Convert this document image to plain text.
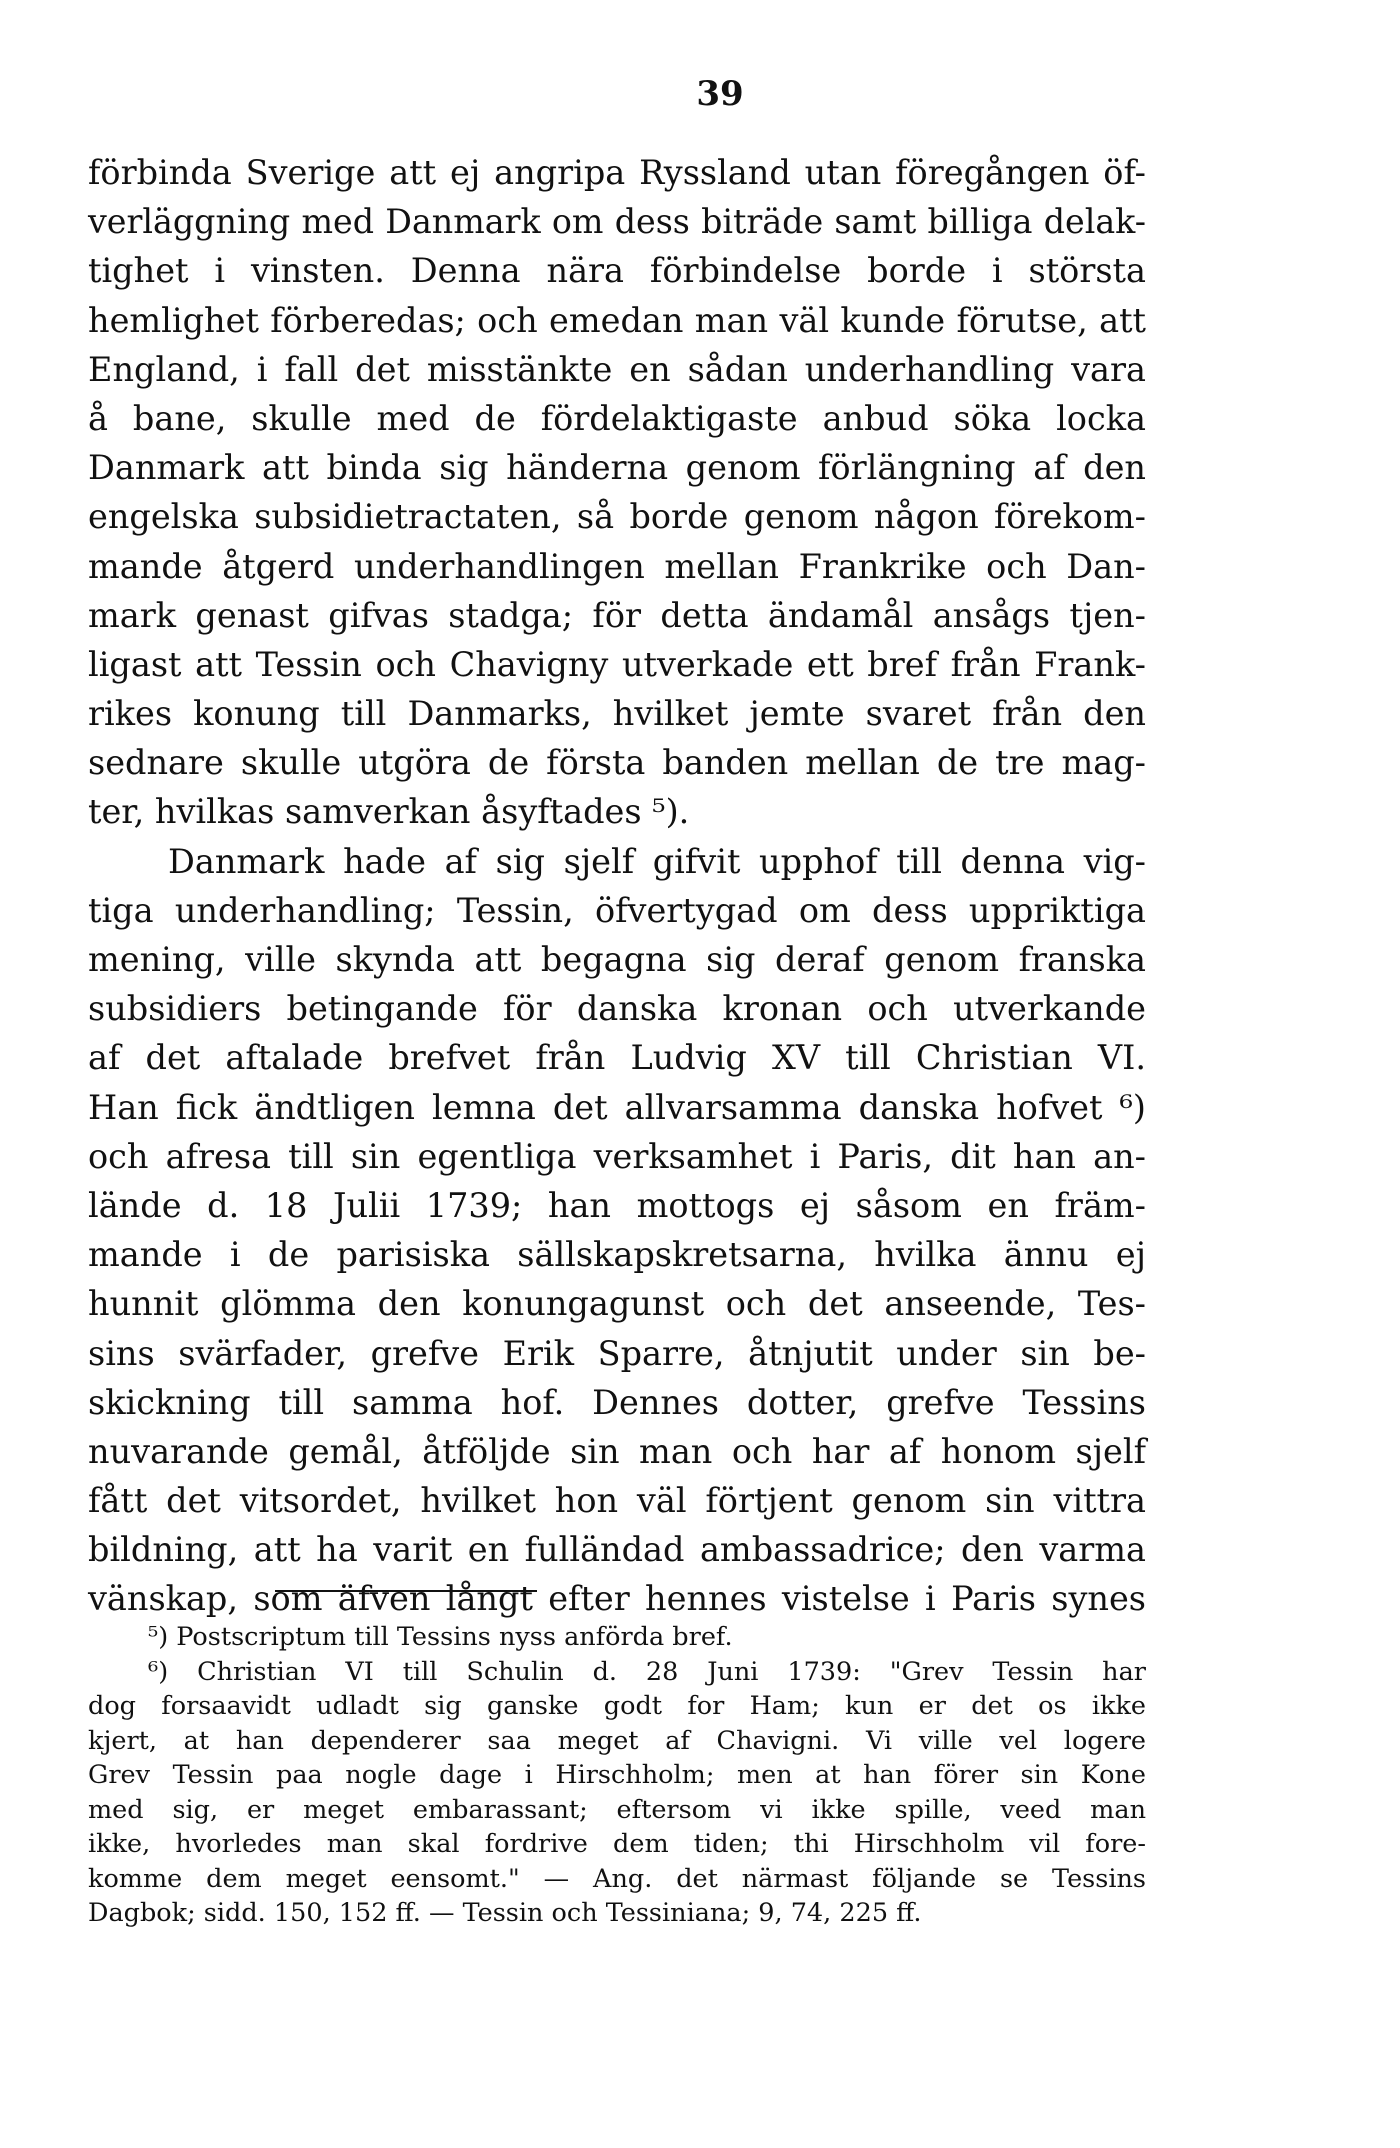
39
förbinda Sverige att ej angripa Ryssland utan föregången öf-
verläggning med Danmark om dess biträde samt billiga delak-
tighet i vinsten. Denna nära förbindelse borde i största
hemlighet förberedas; och emedan man väl kunde förutse, att
England, i fall det misstänkte en sådan underhandling vara
å bane, skulle med de fördelaktigaste anbud söka locka
Danmark att binda sig händerna genom förlängning af den
engelska subsidietractaten, så borde genom någon förekom-
mande åtgerd underhandlingen mellan Frankrike och Dan-
mark genast gifvas stadga; för detta ändamål ansågs tjen-
ligast att Tessin och Chavigny utverkade ett bref från Frank-
rikes konung till Danmarks, hvilket jemte svaret från den
sednare skulle utgöra de första banden mellan de tre mag-
ter, hvilkas samverkan åsyftades ⁵).
Danmark hade af sig sjelf gifvit upphof till denna vig-
tiga underhandling; Tessin, öfvertygad om dess uppriktiga
mening, ville skynda att begagna sig deraf genom franska
subsidiers betingande för danska kronan och utverkande
af det aftalade brefvet från Ludvig XV till Christian VI.
Han fick ändtligen lemna det allvarsamma danska hofvet ⁶)
och afresa till sin egentliga verksamhet i Paris, dit han an-
lände d. 18 Julii 1739; han mottogs ej såsom en främ-
mande i de parisiska sällskapskretsarna, hvilka ännu ej
hunnit glömma den konungagunst och det anseende, Tes-
sins svärfader, grefve Erik Sparre, åtnjutit under sin be-
skickning till samma hof. Dennes dotter, grefve Tessins
nuvarande gemål, åtföljde sin man och har af honom sjelf
fått det vitsordet, hvilket hon väl förtjent genom sin vittra
bildning, att ha varit en fulländad ambassadrice; den varma
vänskap, som äfven långt efter hennes vistelse i Paris synes
⁵) Postscriptum till Tessins nyss anförda bref.
⁶) Christian VI till Schulin d. 28 Juni 1739: "Grev Tessin har
dog forsaavidt udladt sig ganske godt for Ham; kun er det os ikke
kjert, at han dependerer saa meget af Chavigni. Vi ville vel logere
Grev Tessin paa nogle dage i Hirschholm; men at han förer sin Kone
med sig, er meget embarassant; eftersom vi ikke spille, veed man
ikke, hvorledes man skal fordrive dem tiden; thi Hirschholm vil fore-
komme dem meget eensomt." — Ang. det närmast följande se Tessins
Dagbok; sidd. 150, 152 ff. — Tessin och Tessiniana; 9, 74, 225 ff.
